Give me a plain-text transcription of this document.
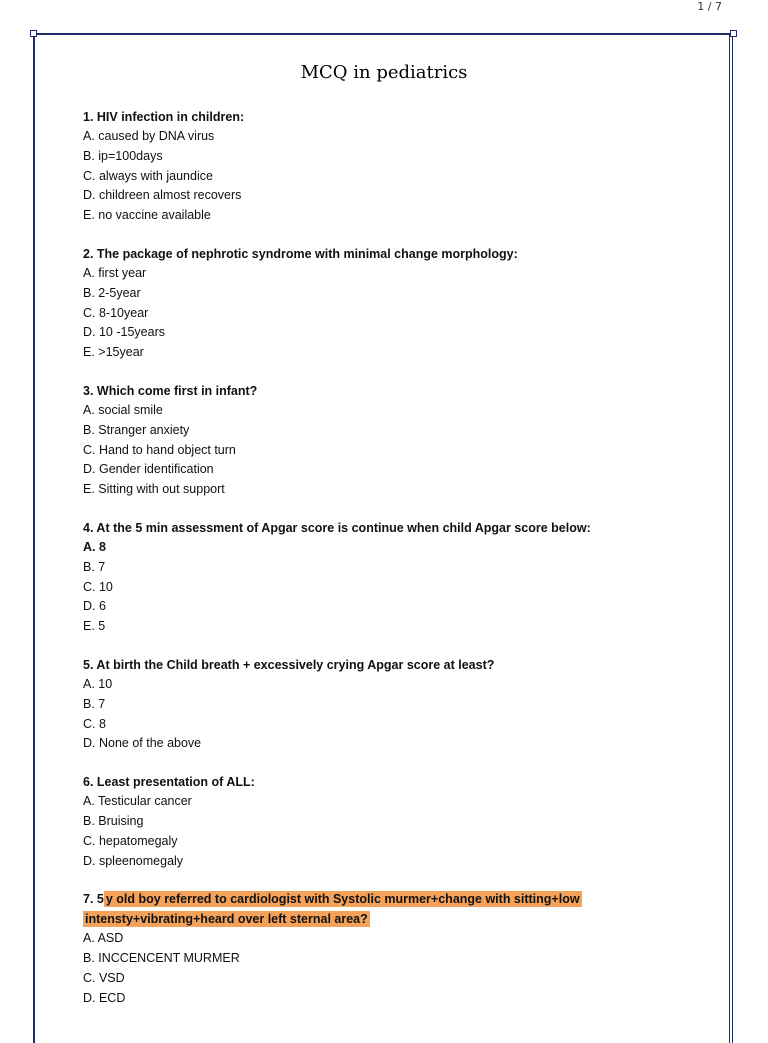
1 / 7
MCQ in pediatrics
1. HIV infection in children:
A. caused by DNA virus
B. ip=100days
C. always with jaundice
D. childreen almost recovers
E. no vaccine available
2. The package of nephrotic syndrome with minimal change morphology:
A. first year
B. 2-5year
C. 8-10year
D. 10 -15years
E. >15year
3. Which come first in infant?
A. social smile
B. Stranger anxiety
C. Hand to hand object turn
D. Gender identification
E. Sitting with out support
4. At the 5 min assessment of Apgar score is continue when child Apgar score below:
A. 8
B. 7
C. 10
D. 6
E. 5
5. At birth the Child breath + excessively crying Apgar score at least?
A. 10
B. 7
C. 8
D. None of the above
6. Least presentation of ALL:
A. Testicular cancer
B. Bruising
C. hepatomegaly
D. spleenomegaly
7. 5 y old boy referred to cardiologist with Systolic murmer+change with sitting+low
intensty+vibrating+heard over left sternal area?
A. ASD
B. INCCENCENT MURMER
C. VSD
D. ECD
